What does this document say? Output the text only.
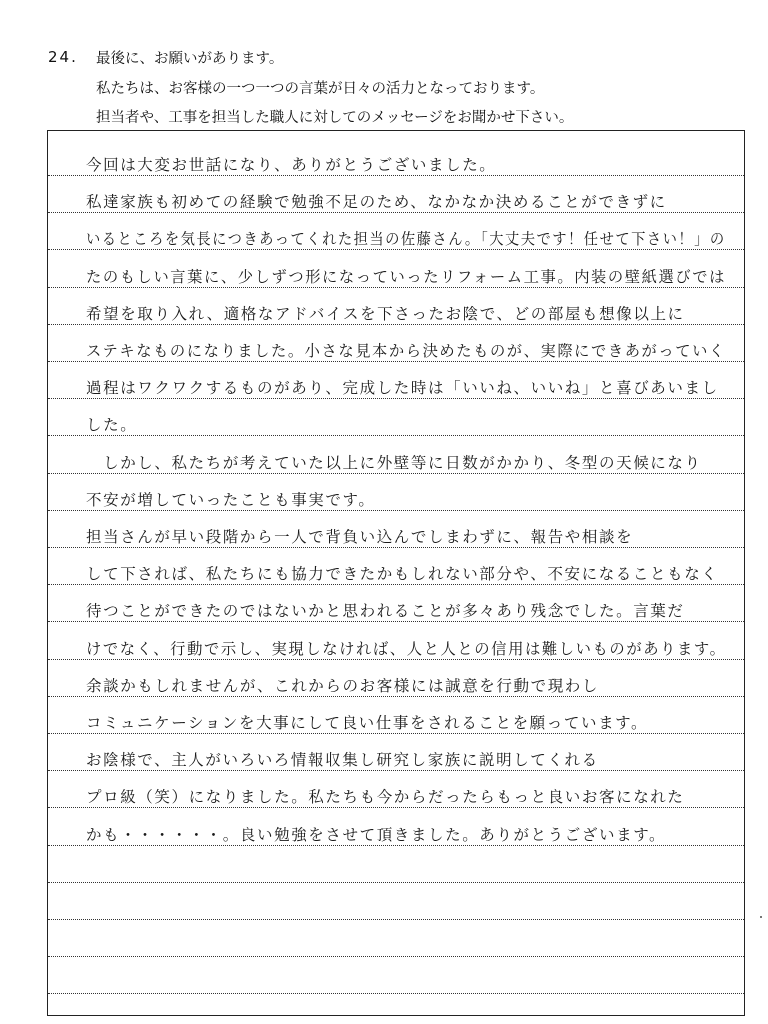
24. 最後に、お願いがあります。
私たちは、お客様の一つ一つの言葉が日々の活力となっております。
担当者や、工事を担当した職人に対してのメッセージをお聞かせ下さい。
今回は大変お世話になり、ありがとうございました。
私達家族も初めての経験で勉強不足のため、なかなか決めることができずに
いるところを気長につきあってくれた担当の佐藤さん。「大丈夫です！任せて下さい！」の
たのもしい言葉に、少しずつ形になっていったリフォーム工事。内装の壁紙選びでは
希望を取り入れ、適格なアドバイスを下さったお陰で、どの部屋も想像以上に
ステキなものになりました。小さな見本から決めたものが、実際にできあがっていく
過程はワクワクするものがあり、完成した時は「いいね、いいね」と喜びあいまし
した。
　しかし、私たちが考えていた以上に外壁等に日数がかかり、冬型の天候になり
不安が増していったことも事実です。
担当さんが早い段階から一人で背負い込んでしまわずに、報告や相談を
して下されば、私たちにも協力できたかもしれない部分や、不安になることもなく
待つことができたのではないかと思われることが多々あり残念でした。言葉だ
けでなく、行動で示し、実現しなければ、人と人との信用は難しいものがあります。
余談かもしれませんが、これからのお客様には誠意を行動で現わし
コミュニケーションを大事にして良い仕事をされることを願っています。
お陰様で、主人がいろいろ情報収集し研究し家族に説明してくれる
プロ級（笑）になりました。私たちも今からだったらもっと良いお客になれた
かも・・・・・・。良い勉強をさせて頂きました。ありがとうございます。
